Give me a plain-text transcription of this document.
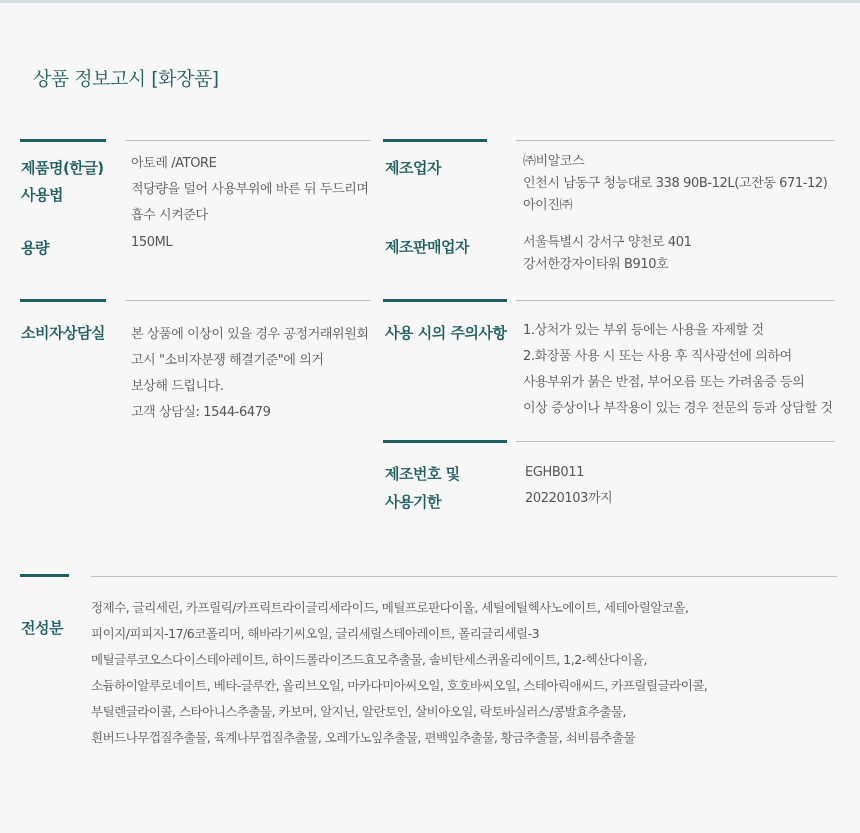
상품 정보고시 [화장품]
제품명(한글)
사용법
용량
아토레 /ATORE
적당량을 덜어 사용부위에 바른 뒤 두드리며
흡수 시켜준다
150ML
제조업자	㈜비알코스
인천시 남동구 청능대로 338 90B-12L(고잔동 671-12)
아이진㈜
제조판매업자	서울특별시 강서구 양천로 401
강서한강자이타워 B910호
소비자상담실 본 상품에 이상이 있을 경우 공정거래위원회
고시 "소비자분쟁 해결기준"에 의거
보상해 드립니다.
고객 상담실: 1544-6479
사용 시의 주의사항 1.상처가 있는 부위 등에는 사용을 자제할 것
2.화장품 사용 시 또는 사용 후 직사광선에 의하여
사용부위가 붉은 반점, 부어오름 또는 가려움증 등의
이상 증상이나 부작용이 있는 경우 전문의 등과 상담할 것
제조번호 및
사용기한
EGHB011
20220103까지
전성분
정제수, 글리세린, 카프릴릭/카프릭트라이글리세라이드, 메틸프로판다이올, 세틸에틸헥사노에이트, 세테아릴알코올,
피이지/피피지-17/6코폴리머, 해바라기씨오일, 글리세릴스테아레이트, 폴리글리세릴-3
메틸글루코오스다이스테아레이트, 하이드롤라이즈드효모추출물, 솔비탄세스퀴올리에이트, 1,2-헥산다이올,
소듐하이알루로네이트, 베타-글루칸, 올리브오일, 마카다미아씨오일, 호호바씨오일, 스테아릭애씨드, 카프릴릴글라이콜,
부틸렌글라이콜, 스타아니스추출물, 카보머, 알지닌, 알란토인, 살비아오일, 락토바실러스/콩발효추출물,
흰버드나무껍질추출물, 육계나무껍질추출물, 오레가노잎추출물, 편백잎추출물, 황금추출물, 쇠비름추출물
